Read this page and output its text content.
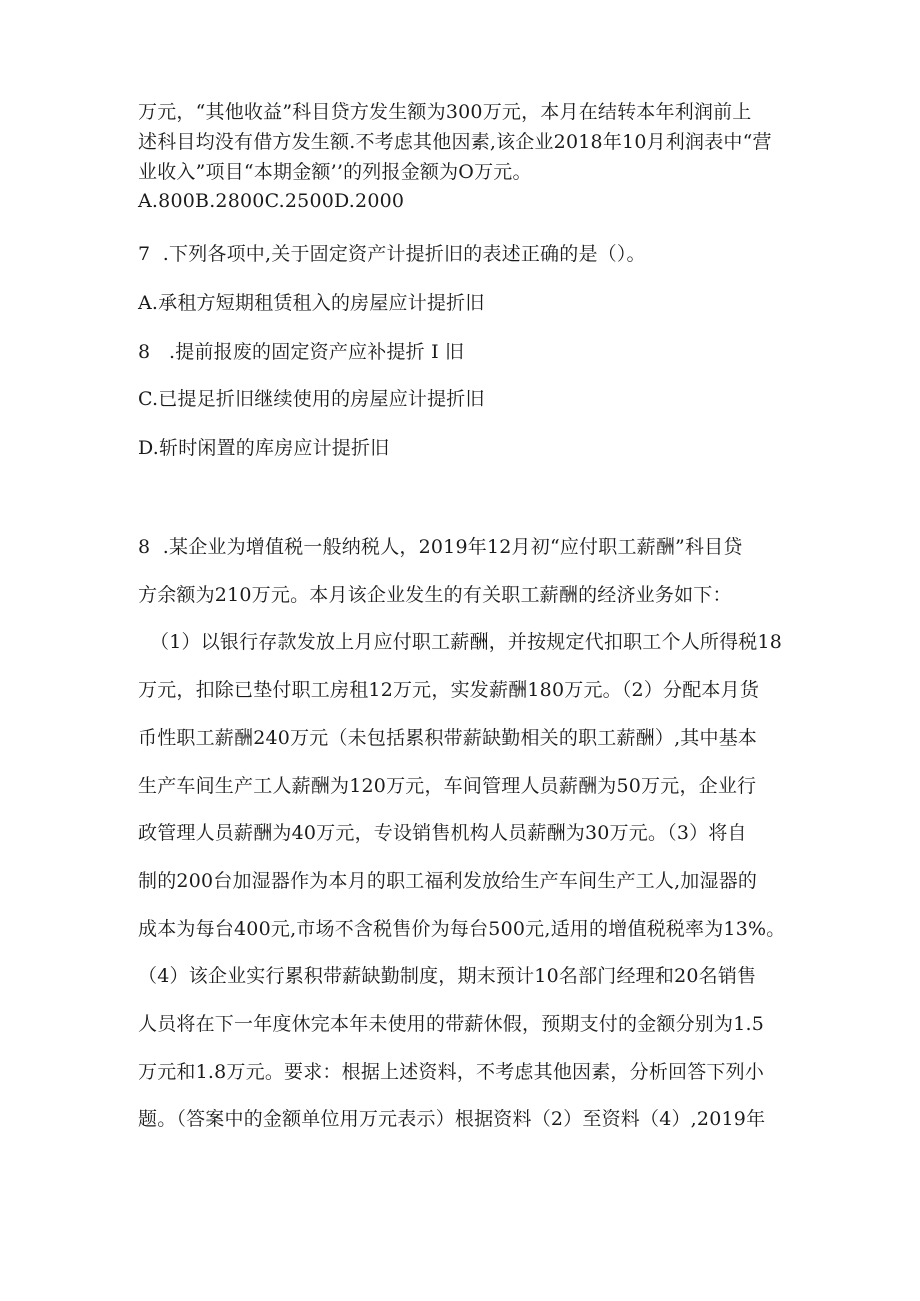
万元，“其他收益”科目贷方发生额为300万元，本月在结转本年利润前上
述科目均没有借方发生额.不考虑其他因素,该企业2018年10月利润表中“营
业收入”项目“本期金额’’的列报金额为O万元。
A.800B.2800C.2500D.2000
7  .下列各项中,关于固定资产计提折旧的表述正确的是（）。
A.承租方短期租赁租入的房屋应计提折旧
8   .提前报废的固定资产应补提折 I 旧
C.已提足折旧继续使用的房屋应计提折旧
D.斩时闲置的库房应计提折旧
8  .某企业为增值税一般纳税人，2019年12月初“应付职工薪酬”科目贷
方余额为210万元。本月该企业发生的有关职工薪酬的经济业务如下：
（1）以银行存款发放上月应付职工薪酬，并按规定代扣职工个人所得税18
万元，扣除已垫付职工房租12万元，实发薪酬180万元。（2）分配本月货
币性职工薪酬240万元（未包括累积带薪缺勤相关的职工薪酬）,其中基本
生产车间生产工人薪酬为120万元，车间管理人员薪酬为50万元，企业行
政管理人员薪酬为40万元，专设销售机构人员薪酬为30万元。（3）将自
制的200台加湿器作为本月的职工福利发放给生产车间生产工人,加湿器的
成本为每台400元,市场不含税售价为每台500元,适用的增值税税率为13%。
（4）该企业实行累积带薪缺勤制度，期末预计10名部门经理和20名销售
人员将在下一年度休完本年未使用的带薪休假，预期支付的金额分别为1.5
万元和1.8万元。要求：根据上述资料，不考虑其他因素，分析回答下列小
题。（答案中的金额单位用万元表示）根据资料（2）至资料（4）,2019年
